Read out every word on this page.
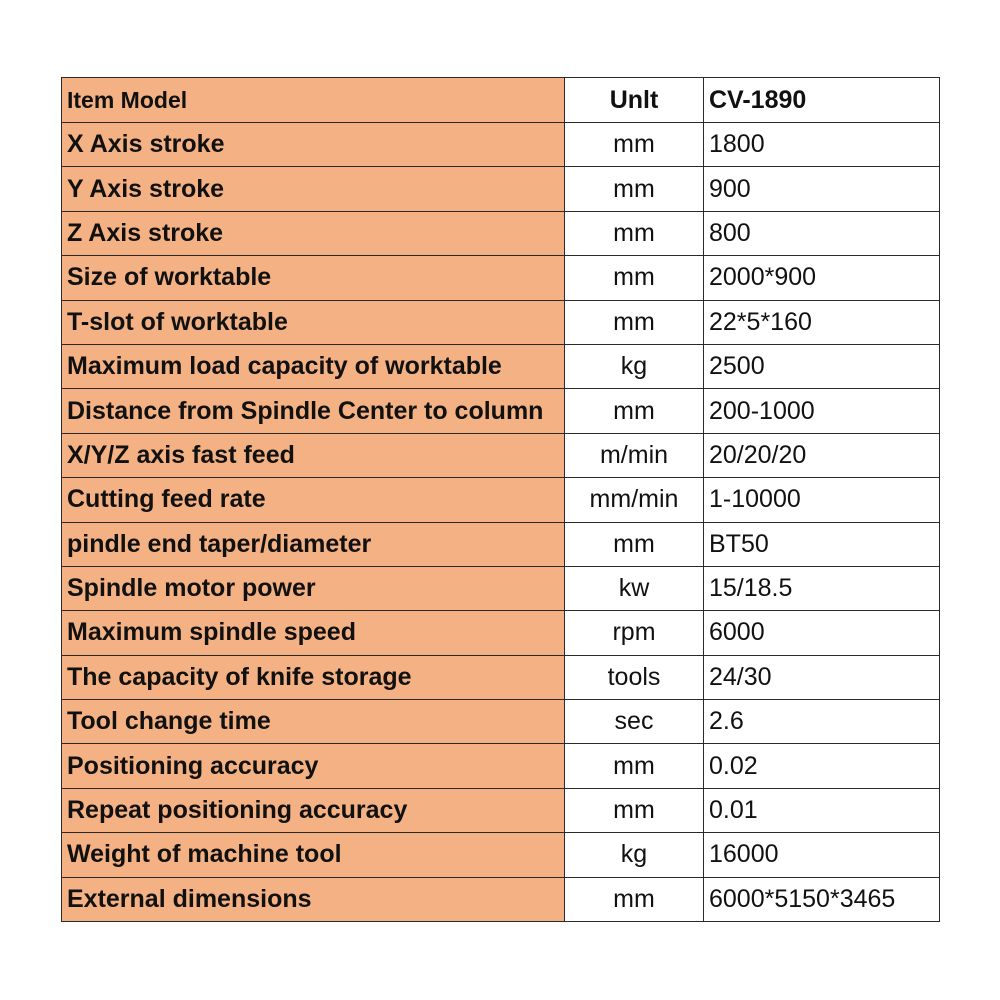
Item Model	Unlt	CV-1890
X Axis stroke	mm	1800
Y Axis stroke	mm	900
Z Axis stroke	mm	800
Size of worktable	mm	2000*900
T-slot of worktable	mm	22*5*160
Maximum load capacity of worktable	kg	2500
Distance from Spindle Center to column	mm	200-1000
X/Y/Z axis fast feed	m/min	20/20/20
Cutting feed rate	mm/min	1-10000
pindle end taper/diameter	mm	BT50
Spindle motor power	kw	15/18.5
Maximum spindle speed	rpm	6000
The capacity of knife storage	tools	24/30
Tool change time	sec	2.6
Positioning accuracy	mm	0.02
Repeat positioning accuracy	mm	0.01
Weight of machine tool	kg	16000
External dimensions	mm	6000*5150*3465
